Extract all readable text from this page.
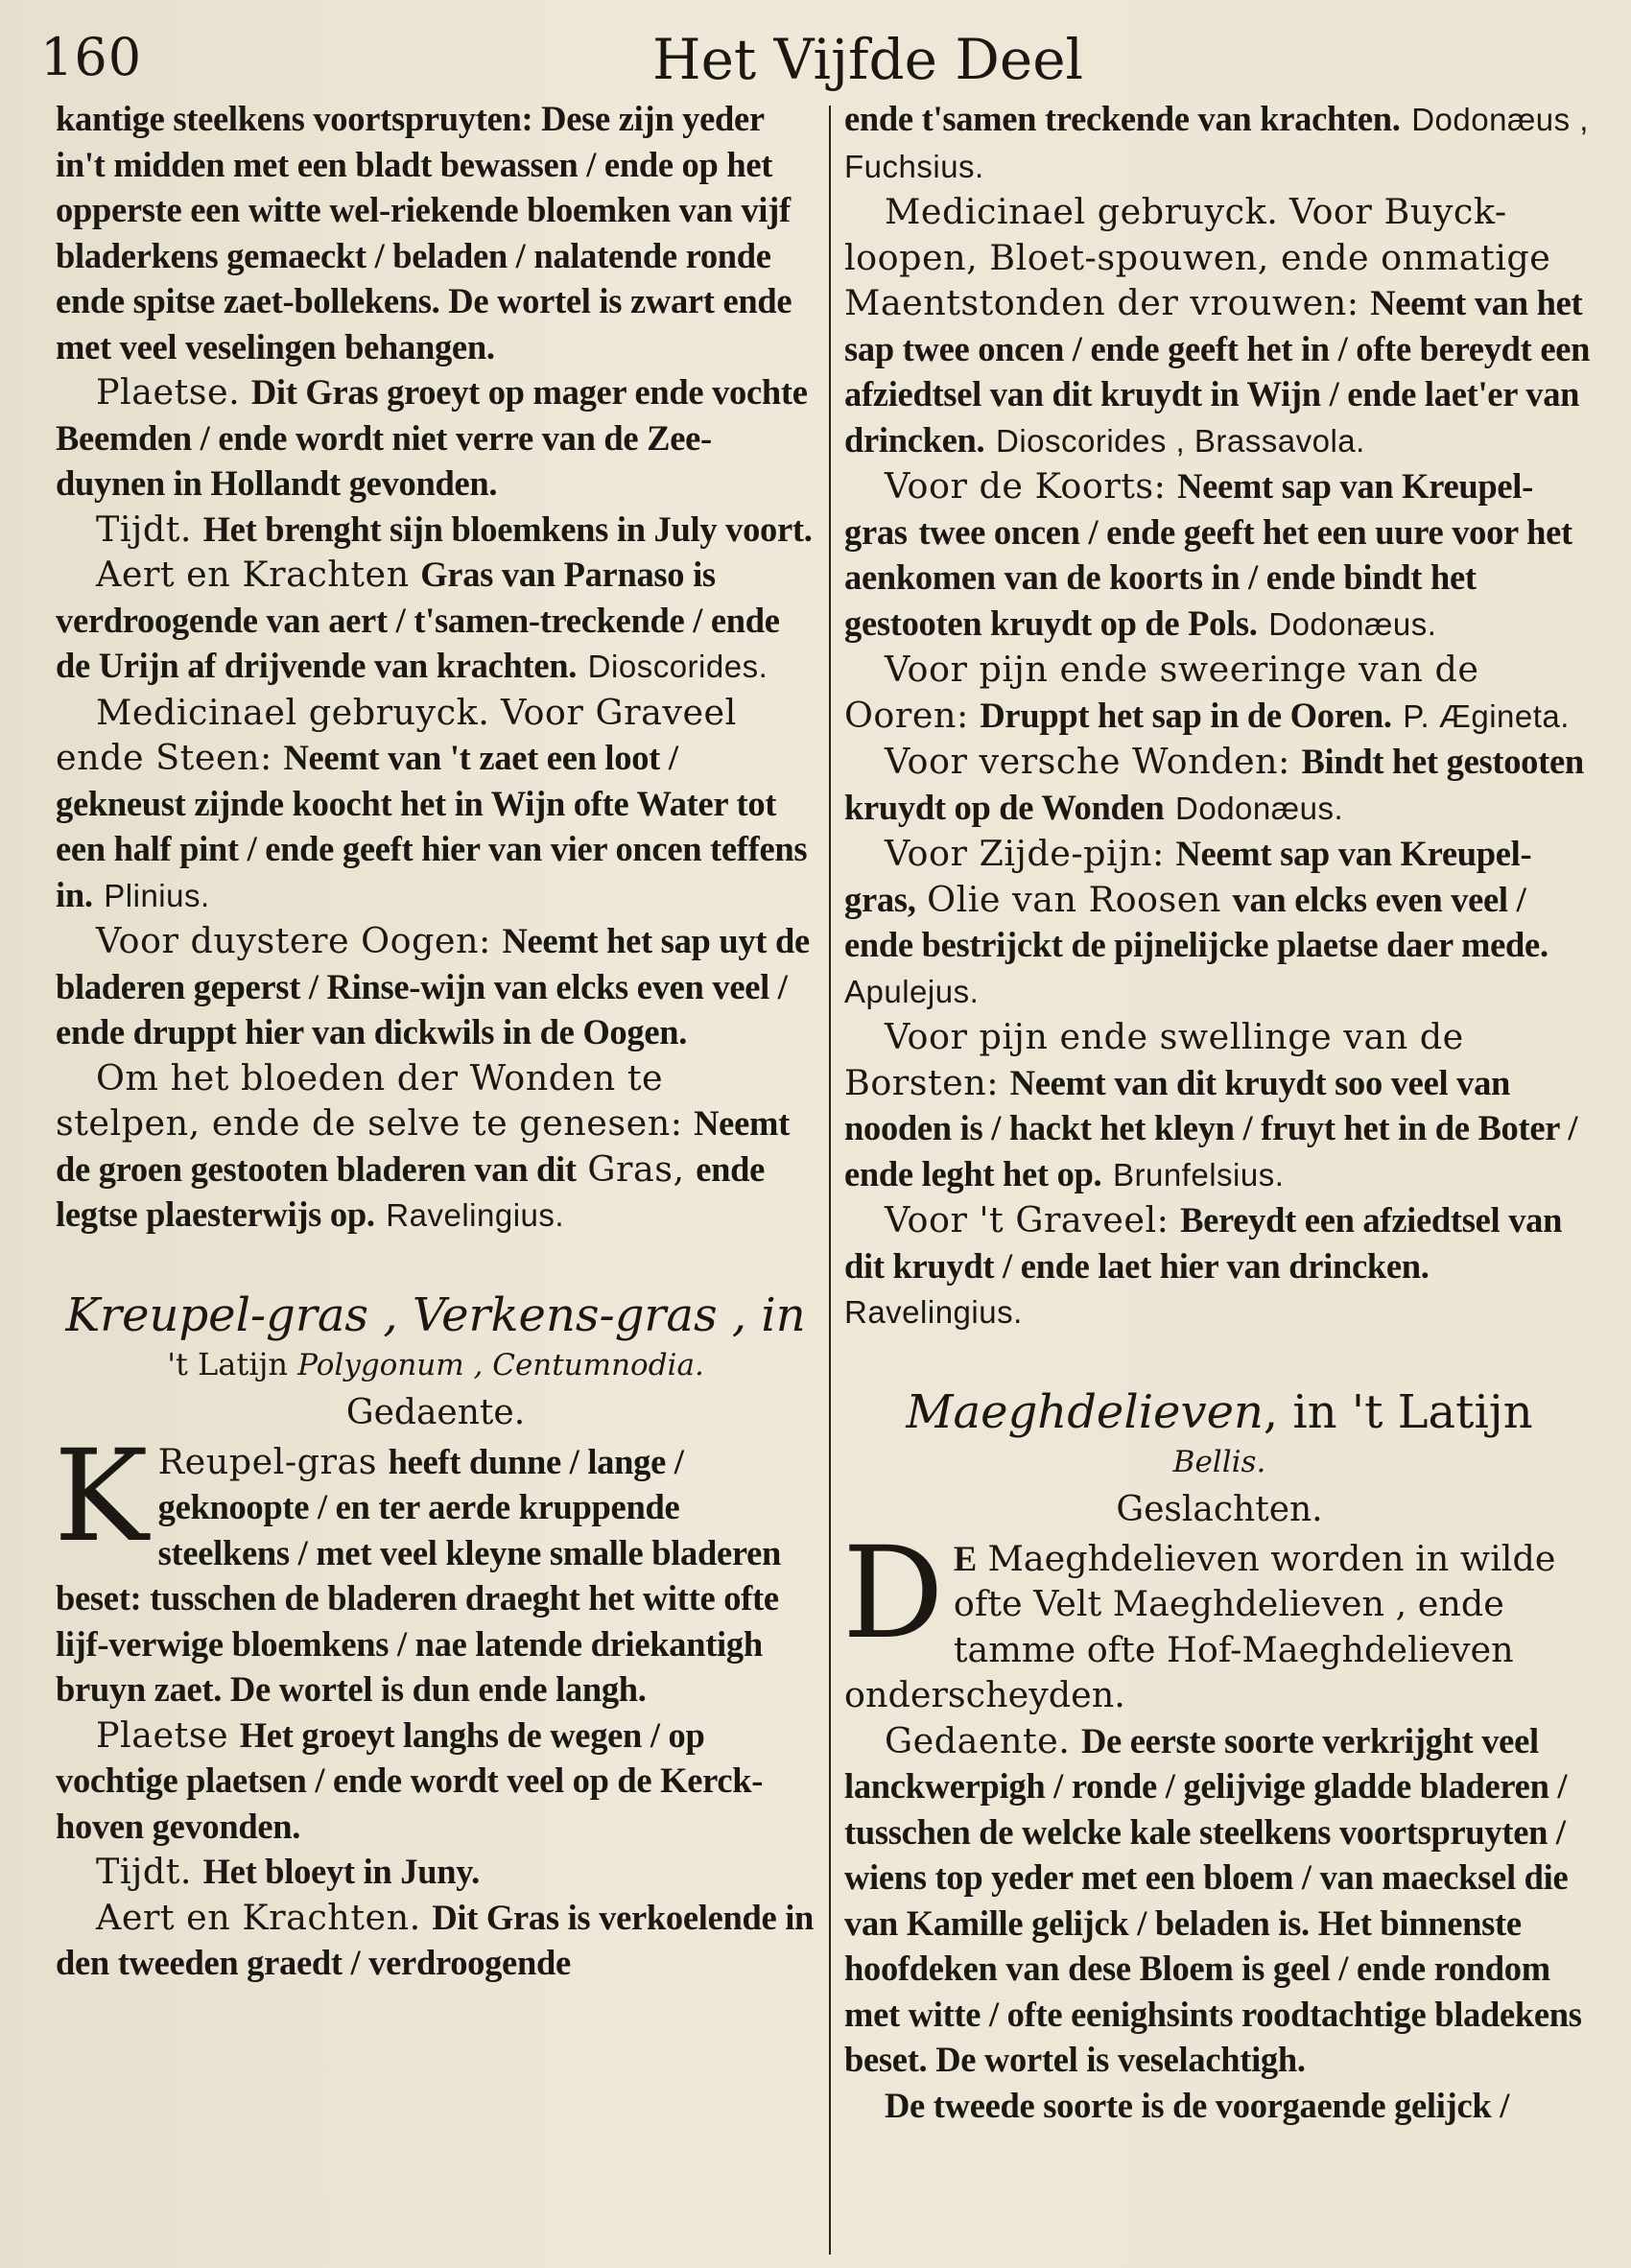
160	Het Vijfde Deel

kantige steelkens voortspruyten: Dese zijn yeder in't midden met een bladt bewassen / ende op het opperste een witte wel-riekende bloemken van vijf bladerkens gemaeckt / beladen / nalatende ronde ende spitse zaet-bollekens. De wortel is zwart ende met veel veselingen behangen.

Plaetse. Dit Gras groeyt op mager ende vochte Beemden / ende wordt niet verre van de Zee-duynen in Hollandt gevonden.

Tijdt. Het brenght sijn bloemkens in July voort.

Aert en Krachten Gras van Parnaso is verdroogende van aert / t'samen-treckende / ende de Urijn af drijvende van krachten. Dioscorides.

Medicinael gebruyck. Voor Graveel ende Steen: Neemt van 't zaet een loot / gekneust zijnde koocht het in Wijn ofte Water tot een half pint / ende geeft hier van vier oncen teffens in. Plinius.

Voor duystere Oogen: Neemt het sap uyt de bladeren geperst / Rinse-wijn van elcks even veel / ende druppt hier van dickwils in de Oogen.

Om het bloeden der Wonden te stelpen, ende de selve te genesen: Neemt de groen gestooten bladeren van dit Gras, ende legtse plaesterwijs op. Ravelingius.

Kreupel-gras , Verkens-gras , in

't Latijn Polygonum , Centumnodia.

Gedaente.

K Reupel-gras heeft dunne / lange / geknoopte / en ter aerde kruppende steelkens / met veel kleyne smalle bladeren beset: tusschen de bladeren draeght het witte ofte lijf-verwige bloemkens / nae latende driekantigh bruyn zaet. De wortel is dun ende langh.

Plaetse Het groeyt langhs de wegen / op vochtige plaetsen / ende wordt veel op de Kerck-hoven gevonden.

Tijdt. Het bloeyt in Juny.

Aert en Krachten. Dit Gras is verkoelende in den tweeden graedt / verdroogende

ende t'samen treckende van krachten. Dodonæus , Fuchsius.

Medicinael gebruyck. Voor Buyck-loopen, Bloet-spouwen, ende onmatige Maentstonden der vrouwen: Neemt van het sap twee oncen / ende geeft het in / ofte bereydt een afziedtsel van dit kruydt in Wijn / ende laet'er van drincken. Dioscorides , Brassavola.

Voor de Koorts: Neemt sap van Kreupel-gras twee oncen / ende geeft het een uure voor het aenkomen van de koorts in / ende bindt het gestooten kruydt op de Pols. Dodonæus.

Voor pijn ende sweeringe van de Ooren: Druppt het sap in de Ooren. P. Ægineta.

Voor versche Wonden: Bindt het gestooten kruydt op de Wonden Dodonæus.

Voor Zijde-pijn: Neemt sap van Kreupel-gras, Olie van Roosen van elcks even veel / ende bestrijckt de pijnelijcke plaetse daer mede. Apulejus.

Voor pijn ende swellinge van de Borsten: Neemt van dit kruydt soo veel van nooden is / hackt het kleyn / fruyt het in de Boter / ende leght het op. Brunfelsius.

Voor 't Graveel: Bereydt een afziedtsel van dit kruydt / ende laet hier van drincken. Ravelingius.

Maeghdelieven, in 't Latijn

Bellis.

Geslachten.

D E Maeghdelieven worden in wilde ofte Velt Maeghdelieven , ende tamme ofte Hof-Maeghdelieven onderscheyden.

Gedaente. De eerste soorte verkrijght veel lanckwerpigh / ronde / gelijvige gladde bladeren / tusschen de welcke kale steelkens voortspruyten / wiens top yeder met een bloem / van maecksel die van Kamille gelijck / beladen is. Het binnenste hoofdeken van dese Bloem is geel / ende rondom met witte / ofte eenighsints roodtachtige bladekens beset. De wortel is veselachtigh.

De tweede soorte is de voorgaende gelijck /
